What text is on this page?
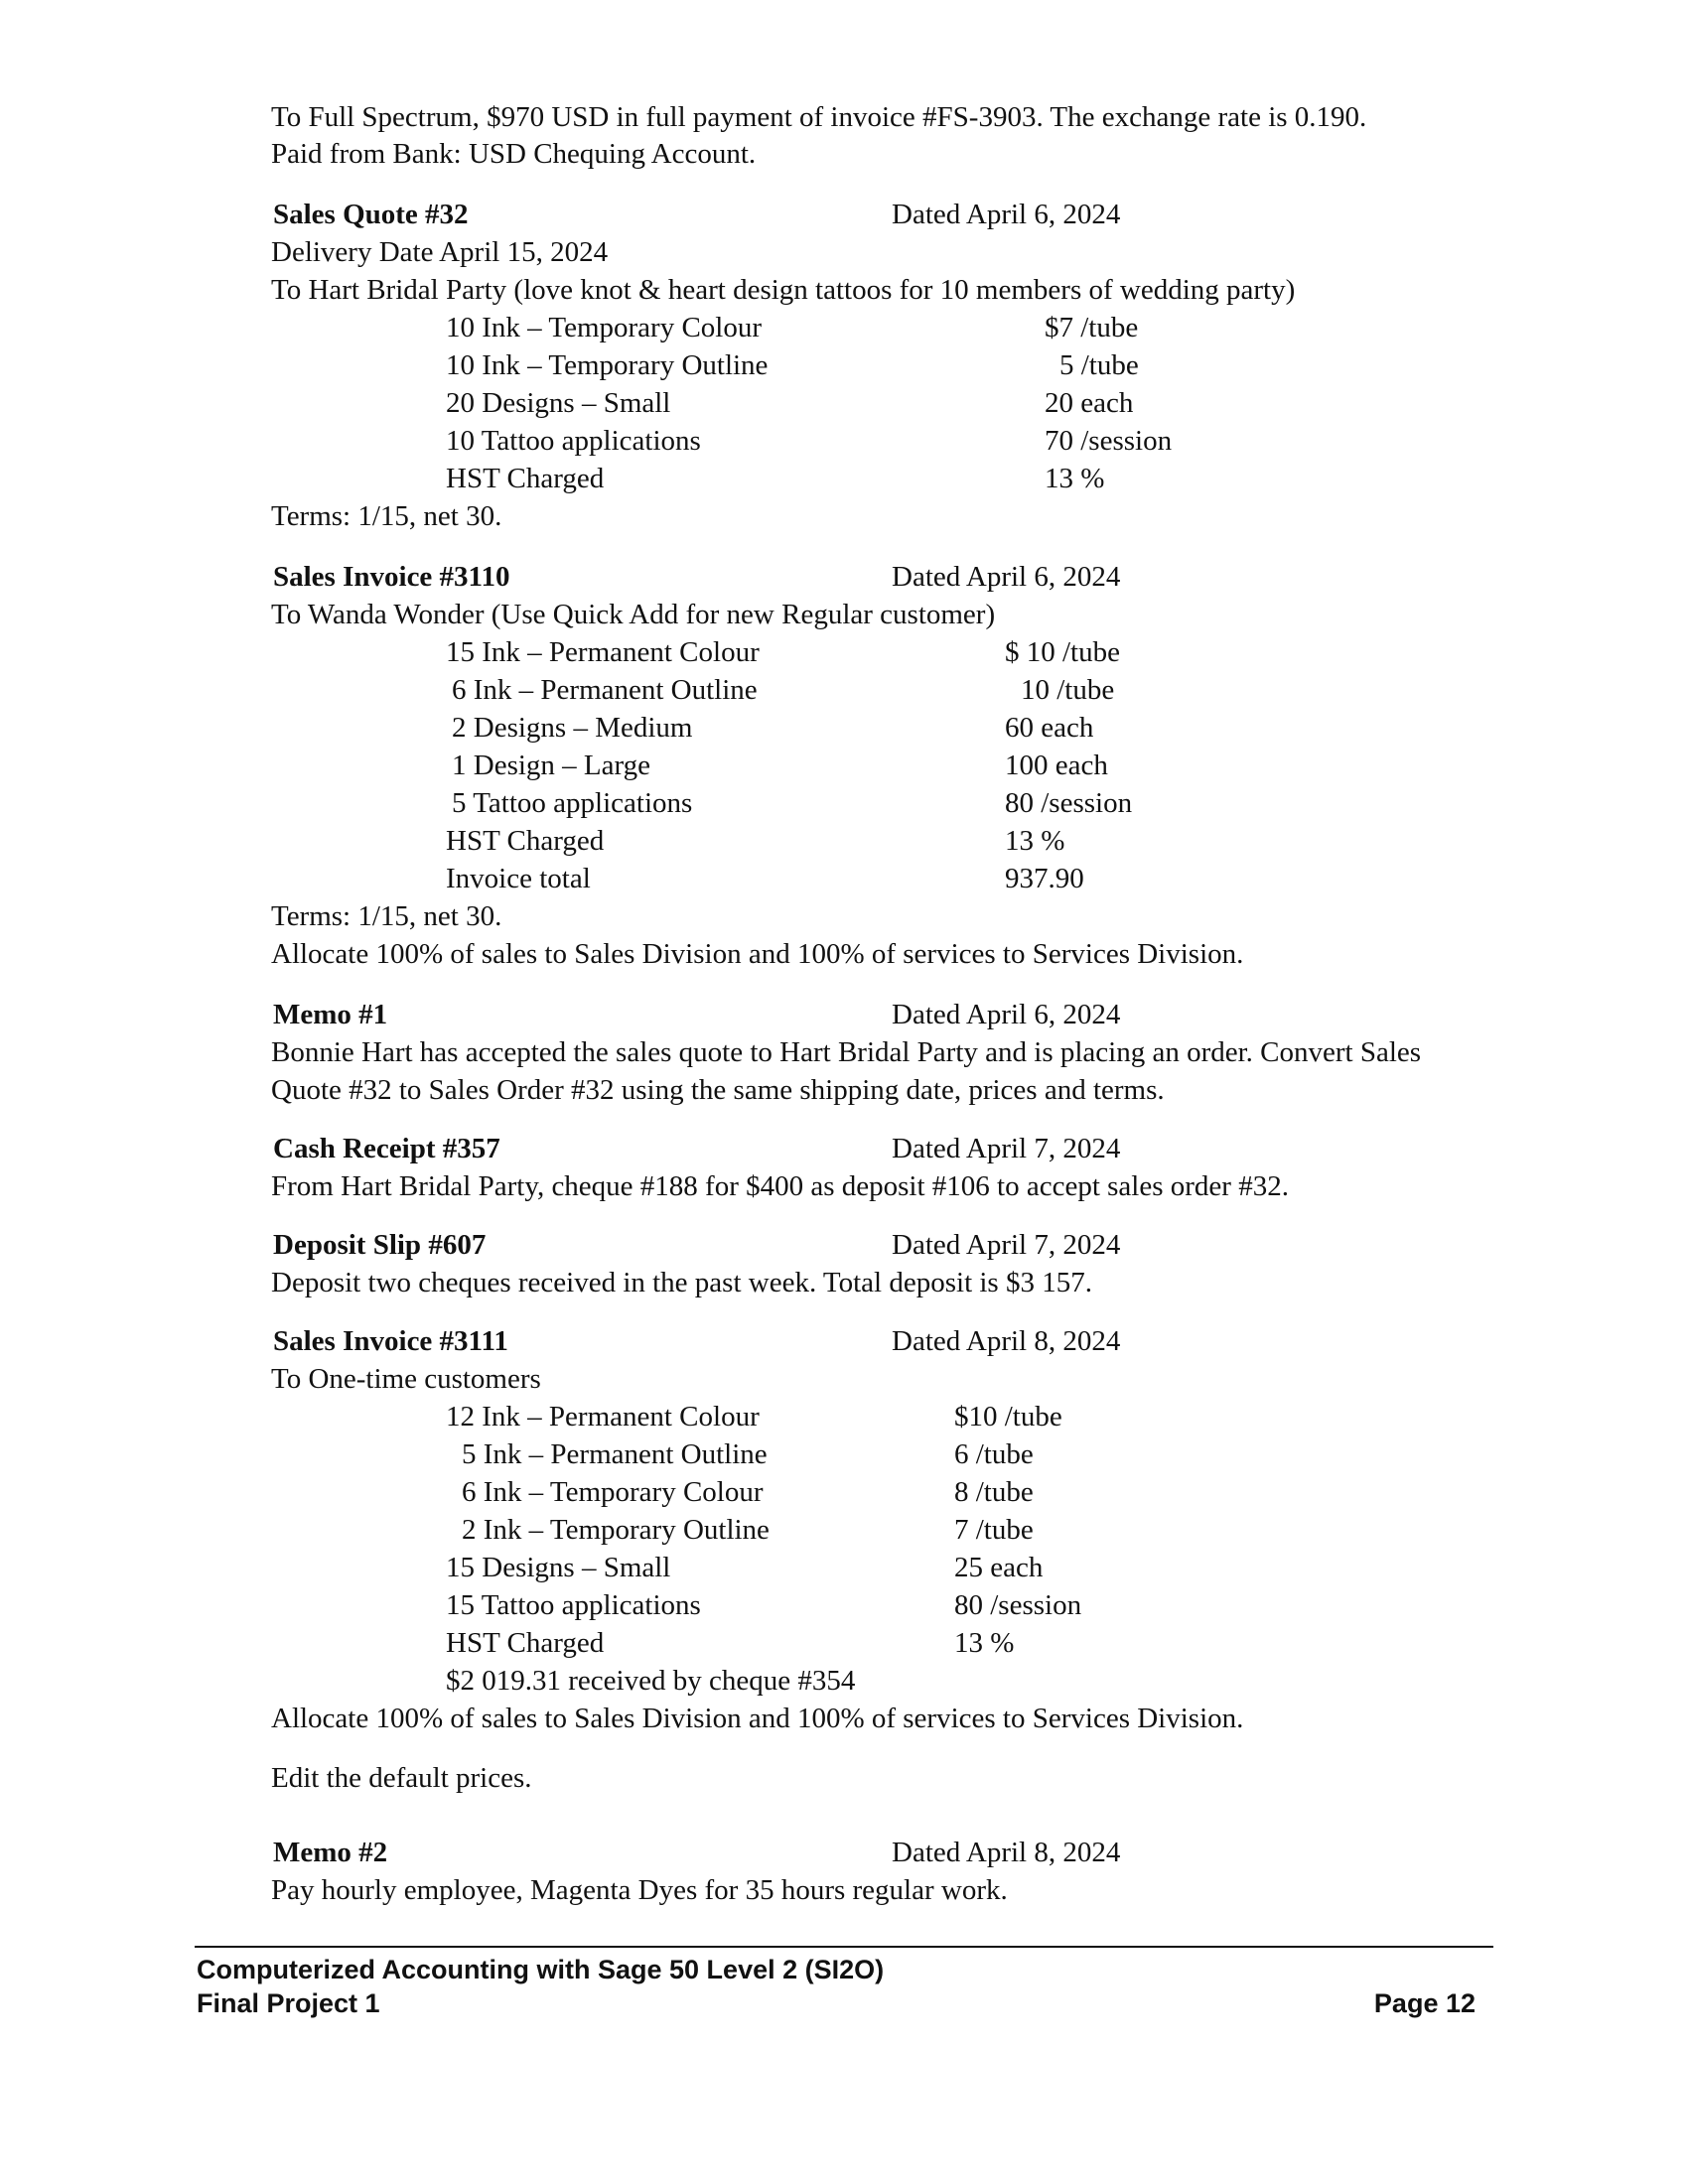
To Full Spectrum, $970 USD in full payment of invoice #FS-3903. The exchange rate is 0.190.
Paid from Bank: USD Chequing Account.
Sales Quote #32	Dated April 6, 2024
Delivery Date April 15, 2024
To Hart Bridal Party (love knot & heart design tattoos for 10 members of wedding party)
10 Ink – Temporary Colour	$7 /tube
10 Ink – Temporary Outline	5 /tube
20 Designs – Small	20 each
10 Tattoo applications	70 /session
HST Charged	13 %
Terms: 1/15, net 30.
Sales Invoice #3110	Dated April 6, 2024
To Wanda Wonder (Use Quick Add for new Regular customer)
15 Ink – Permanent Colour	$ 10 /tube
6 Ink – Permanent Outline	10 /tube
2 Designs – Medium	60 each
1 Design – Large	100 each
5 Tattoo applications	80 /session
HST Charged	13 %
Invoice total	937.90
Terms: 1/15, net 30.
Allocate 100% of sales to Sales Division and 100% of services to Services Division.
Memo #1	Dated April 6, 2024
Bonnie Hart has accepted the sales quote to Hart Bridal Party and is placing an order. Convert Sales
Quote #32 to Sales Order #32 using the same shipping date, prices and terms.
Cash Receipt #357	Dated April 7, 2024
From Hart Bridal Party, cheque #188 for $400 as deposit #106 to accept sales order #32.
Deposit Slip #607	Dated April 7, 2024
Deposit two cheques received in the past week. Total deposit is $3 157.
Sales Invoice #3111	Dated April 8, 2024
To One-time customers
12 Ink – Permanent Colour	$10 /tube
5 Ink – Permanent Outline	6 /tube
6 Ink – Temporary Colour	8 /tube
2 Ink – Temporary Outline	7 /tube
15 Designs – Small	25 each
15 Tattoo applications	80 /session
HST Charged	13 %
$2 019.31 received by cheque #354
Allocate 100% of sales to Sales Division and 100% of services to Services Division.
Edit the default prices.
Memo #2	Dated April 8, 2024
Pay hourly employee, Magenta Dyes for 35 hours regular work.
Computerized Accounting with Sage 50 Level 2 (SI2O)
Final Project 1	Page 12
